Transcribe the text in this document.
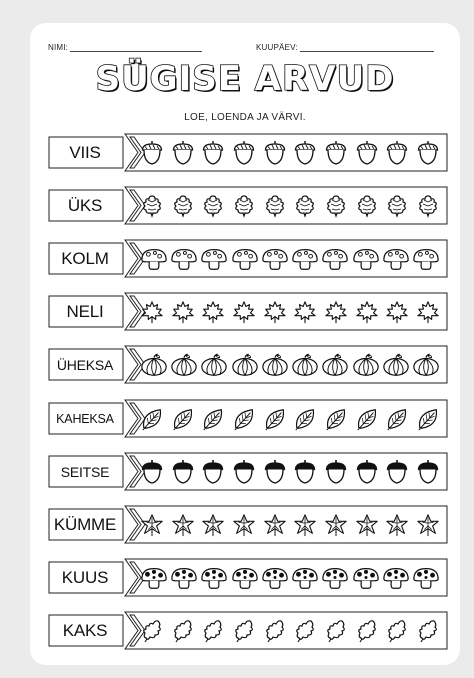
NIMI:	KUUPÄEV:
SÜGISE ARVUD
LOE, LOENDA JA VÄRVI.
VIIS
ÜKS
KOLM
NELI
ÜHEKSA
KAHEKSA
SEITSE
KÜMME
KUUS
KAKS
